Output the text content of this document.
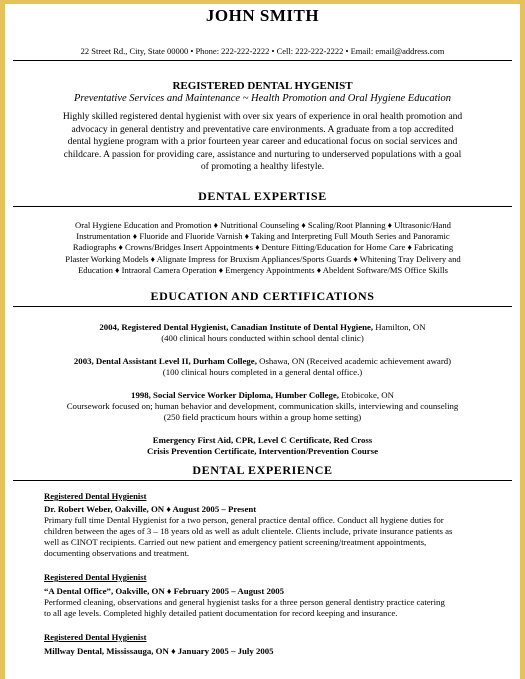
JOHN SMITH
22 Street Rd., City, State 00000 • Phone: 222-222-2222 • Cell: 222-222-2222 • Email: email@address.com
REGISTERED DENTAL HYGENIST
Preventative Services and Maintenance ~ Health Promotion and Oral Hygiene Education
Highly skilled registered dental hygienist with over six years of experience in oral health promotion and
advocacy in general dentistry and preventative care environments. A graduate from a top accredited
dental hygiene program with a prior fourteen year career and educational focus on social services and
childcare. A passion for providing care, assistance and nurturing to underserved populations with a goal
of promoting a healthy lifestyle.
DENTAL EXPERTISE
Oral Hygiene Education and Promotion ♦ Nutritional Counseling ♦ Scaling/Root Planning ♦ Ultrasonic/Hand
Instrumentation ♦ Fluoride and Fluoride Varnish ♦ Taking and Interpreting Full Mouth Series and Panoramic
Radiographs ♦ Crowns/Bridges Insert Appointments ♦ Denture Fitting/Education for Home Care ♦ Fabricating
Plaster Working Models ♦ Alignate Impress for Bruxism Appliances/Sports Guards ♦ Whitening Tray Delivery and
Education ♦ Intraoral Camera Operation ♦ Emergency Appointments ♦ Abeldent Software/MS Office Skills
EDUCATION AND CERTIFICATIONS
2004, Registered Dental Hygienist, Canadian Institute of Dental Hygiene, Hamilton, ON
(400 clinical hours conducted within school dental clinic)
2003, Dental Assistant Level II, Durham College, Oshawa, ON (Received academic achievement award)
(100 clinical hours completed in a general dental office.)
1998, Social Service Worker Diploma, Humber College, Etobicoke, ON
Coursework focused on; human behavior and development, communication skills, interviewing and counseling
(250 field practicum hours within a group home setting)
Emergency First Aid, CPR, Level C Certificate, Red Cross
Crisis Prevention Certificate, Intervention/Prevention Course
DENTAL EXPERIENCE
Registered Dental Hygienist
Dr. Robert Weber, Oakville, ON ♦ August 2005 – Present
Primary full time Dental Hygienist for a two person, general practice dental office. Conduct all hygiene duties for
children between the ages of 3 – 18 years old as well as adult clientele. Clients include, private insurance patients as
well as CINOT recipients. Carried out new patient and emergency patient screening/treatment appointments,
documenting observations and treatment.
Registered Dental Hygienist
“A Dental Office”, Oakville, ON ♦ February 2005 – August 2005
Performed cleaning, observations and general hygienist tasks for a three person general dentistry practice catering
to all age levels. Completed highly detailed patient documentation for record keeping and insurance.
Registered Dental Hygienist
Millway Dental, Mississauga, ON ♦ January 2005 – July 2005
